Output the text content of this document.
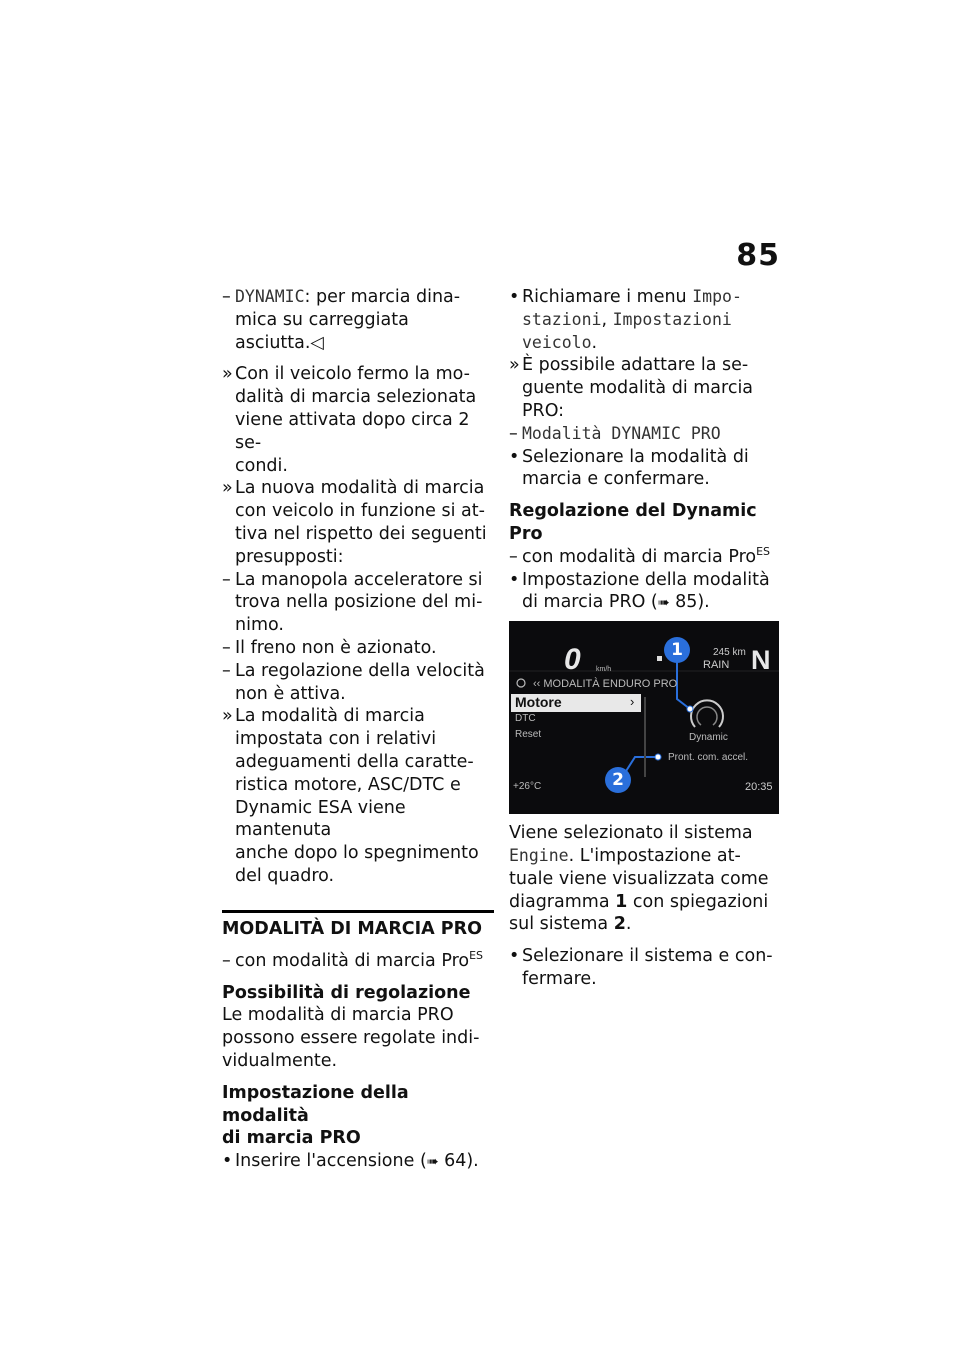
85

– DYNAMIC: per marcia dina-
mica su carreggiata asciutta.◁

» Con il veicolo fermo la mo-
dalità di marcia selezionata
viene attivata dopo circa 2 se-
condi.

» La nuova modalità di marcia
con veicolo in funzione si at-
tiva nel rispetto dei seguenti
presupposti:

– La manopola acceleratore si
trova nella posizione del mi-
nimo.

– Il freno non è azionato.

– La regolazione della velocità
non è attiva.

» La modalità di marcia
impostata con i relativi
adeguamenti della caratte-
ristica motore, ASC/DTC e
Dynamic ESA viene mantenuta
anche dopo lo spegnimento
del quadro.

MODALITÀ DI MARCIA PRO

– con modalità di marcia Pro$^{ES}$

Possibilità di regolazione

Le modalità di marcia PRO
possono essere regolate indi-
vidualmente.

Impostazione della modalità
di marcia PRO

• Inserire l'accensione (➠ 64).

• Richiamare i menu Impo-
stazioni, Impostazioni
veicolo.

» È possibile adattare la se-
guente modalità di marcia
PRO:

– Modalità DYNAMIC PRO

• Selezionare la modalità di
marcia e confermare.

Regolazione del Dynamic Pro

– con modalità di marcia Pro$^{ES}$

• Impostazione della modalità
di marcia PRO (➠ 85).

0 km/h
245 km
RAIN N
‹‹ MODALITÀ ENDURO PRO
Motore	›
DTC
Reset	Dynamic
Pront. com. accel.
+26°C	20:35
1
2

Viene selezionato il sistema
Engine. L'impostazione at-
tuale viene visualizzata come
diagramma 1 con spiegazioni
sul sistema 2.

• Selezionare il sistema e con-
fermare.
